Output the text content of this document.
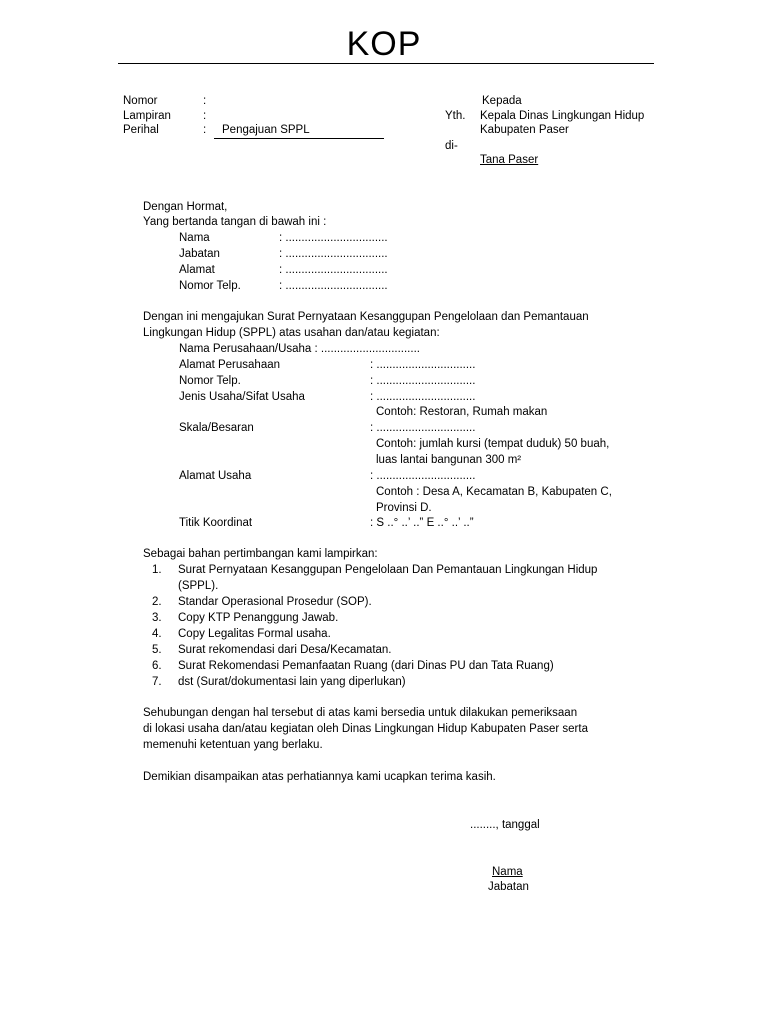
KOP
Nomor	:
Lampiran	:
Perihal	: Pengajuan SPPL
Kepada
Yth. Kepala Dinas Lingkungan Hidup
Kabupaten Paser
di-
Tana Paser
Dengan Hormat,
Yang bertanda tangan di bawah ini :
Nama	: ................................
Jabatan	: ................................
Alamat	: ................................
Nomor Telp.	: ................................
Dengan ini mengajukan Surat Pernyataan Kesanggupan Pengelolaan dan Pemantauan
Lingkungan Hidup (SPPL) atas usahan dan/atau kegiatan:
Nama Perusahaan/Usaha : ...............................
Alamat Perusahaan	: ...............................
Nomor Telp.	: ...............................
Jenis Usaha/Sifat Usaha	: ...............................
Contoh: Restoran, Rumah makan
Skala/Besaran	: ...............................
Contoh: jumlah kursi (tempat duduk) 50 buah,
luas lantai bangunan 300 m²
Alamat Usaha	: ...............................
Contoh : Desa A, Kecamatan B, Kabupaten C,
Provinsi D.
Titik Koordinat	: S ..° ..’ ..” E ..° ..’ ..”
Sebagai bahan pertimbangan kami lampirkan:
1. Surat Pernyataan Kesanggupan Pengelolaan Dan Pemantauan Lingkungan Hidup (SPPL).
2. Standar Operasional Prosedur (SOP).
3. Copy KTP Penanggung Jawab.
4. Copy Legalitas Formal usaha.
5. Surat rekomendasi dari Desa/Kecamatan.
6. Surat Rekomendasi Pemanfaatan Ruang (dari Dinas PU dan Tata Ruang)
7. dst (Surat/dokumentasi lain yang diperlukan)
Sehubungan dengan hal tersebut di atas kami bersedia untuk dilakukan pemeriksaan
di lokasi usaha dan/atau kegiatan oleh Dinas Lingkungan Hidup Kabupaten Paser serta
memenuhi ketentuan yang berlaku.
Demikian disampaikan atas perhatiannya kami ucapkan terima kasih.
........, tanggal
Nama
Jabatan
